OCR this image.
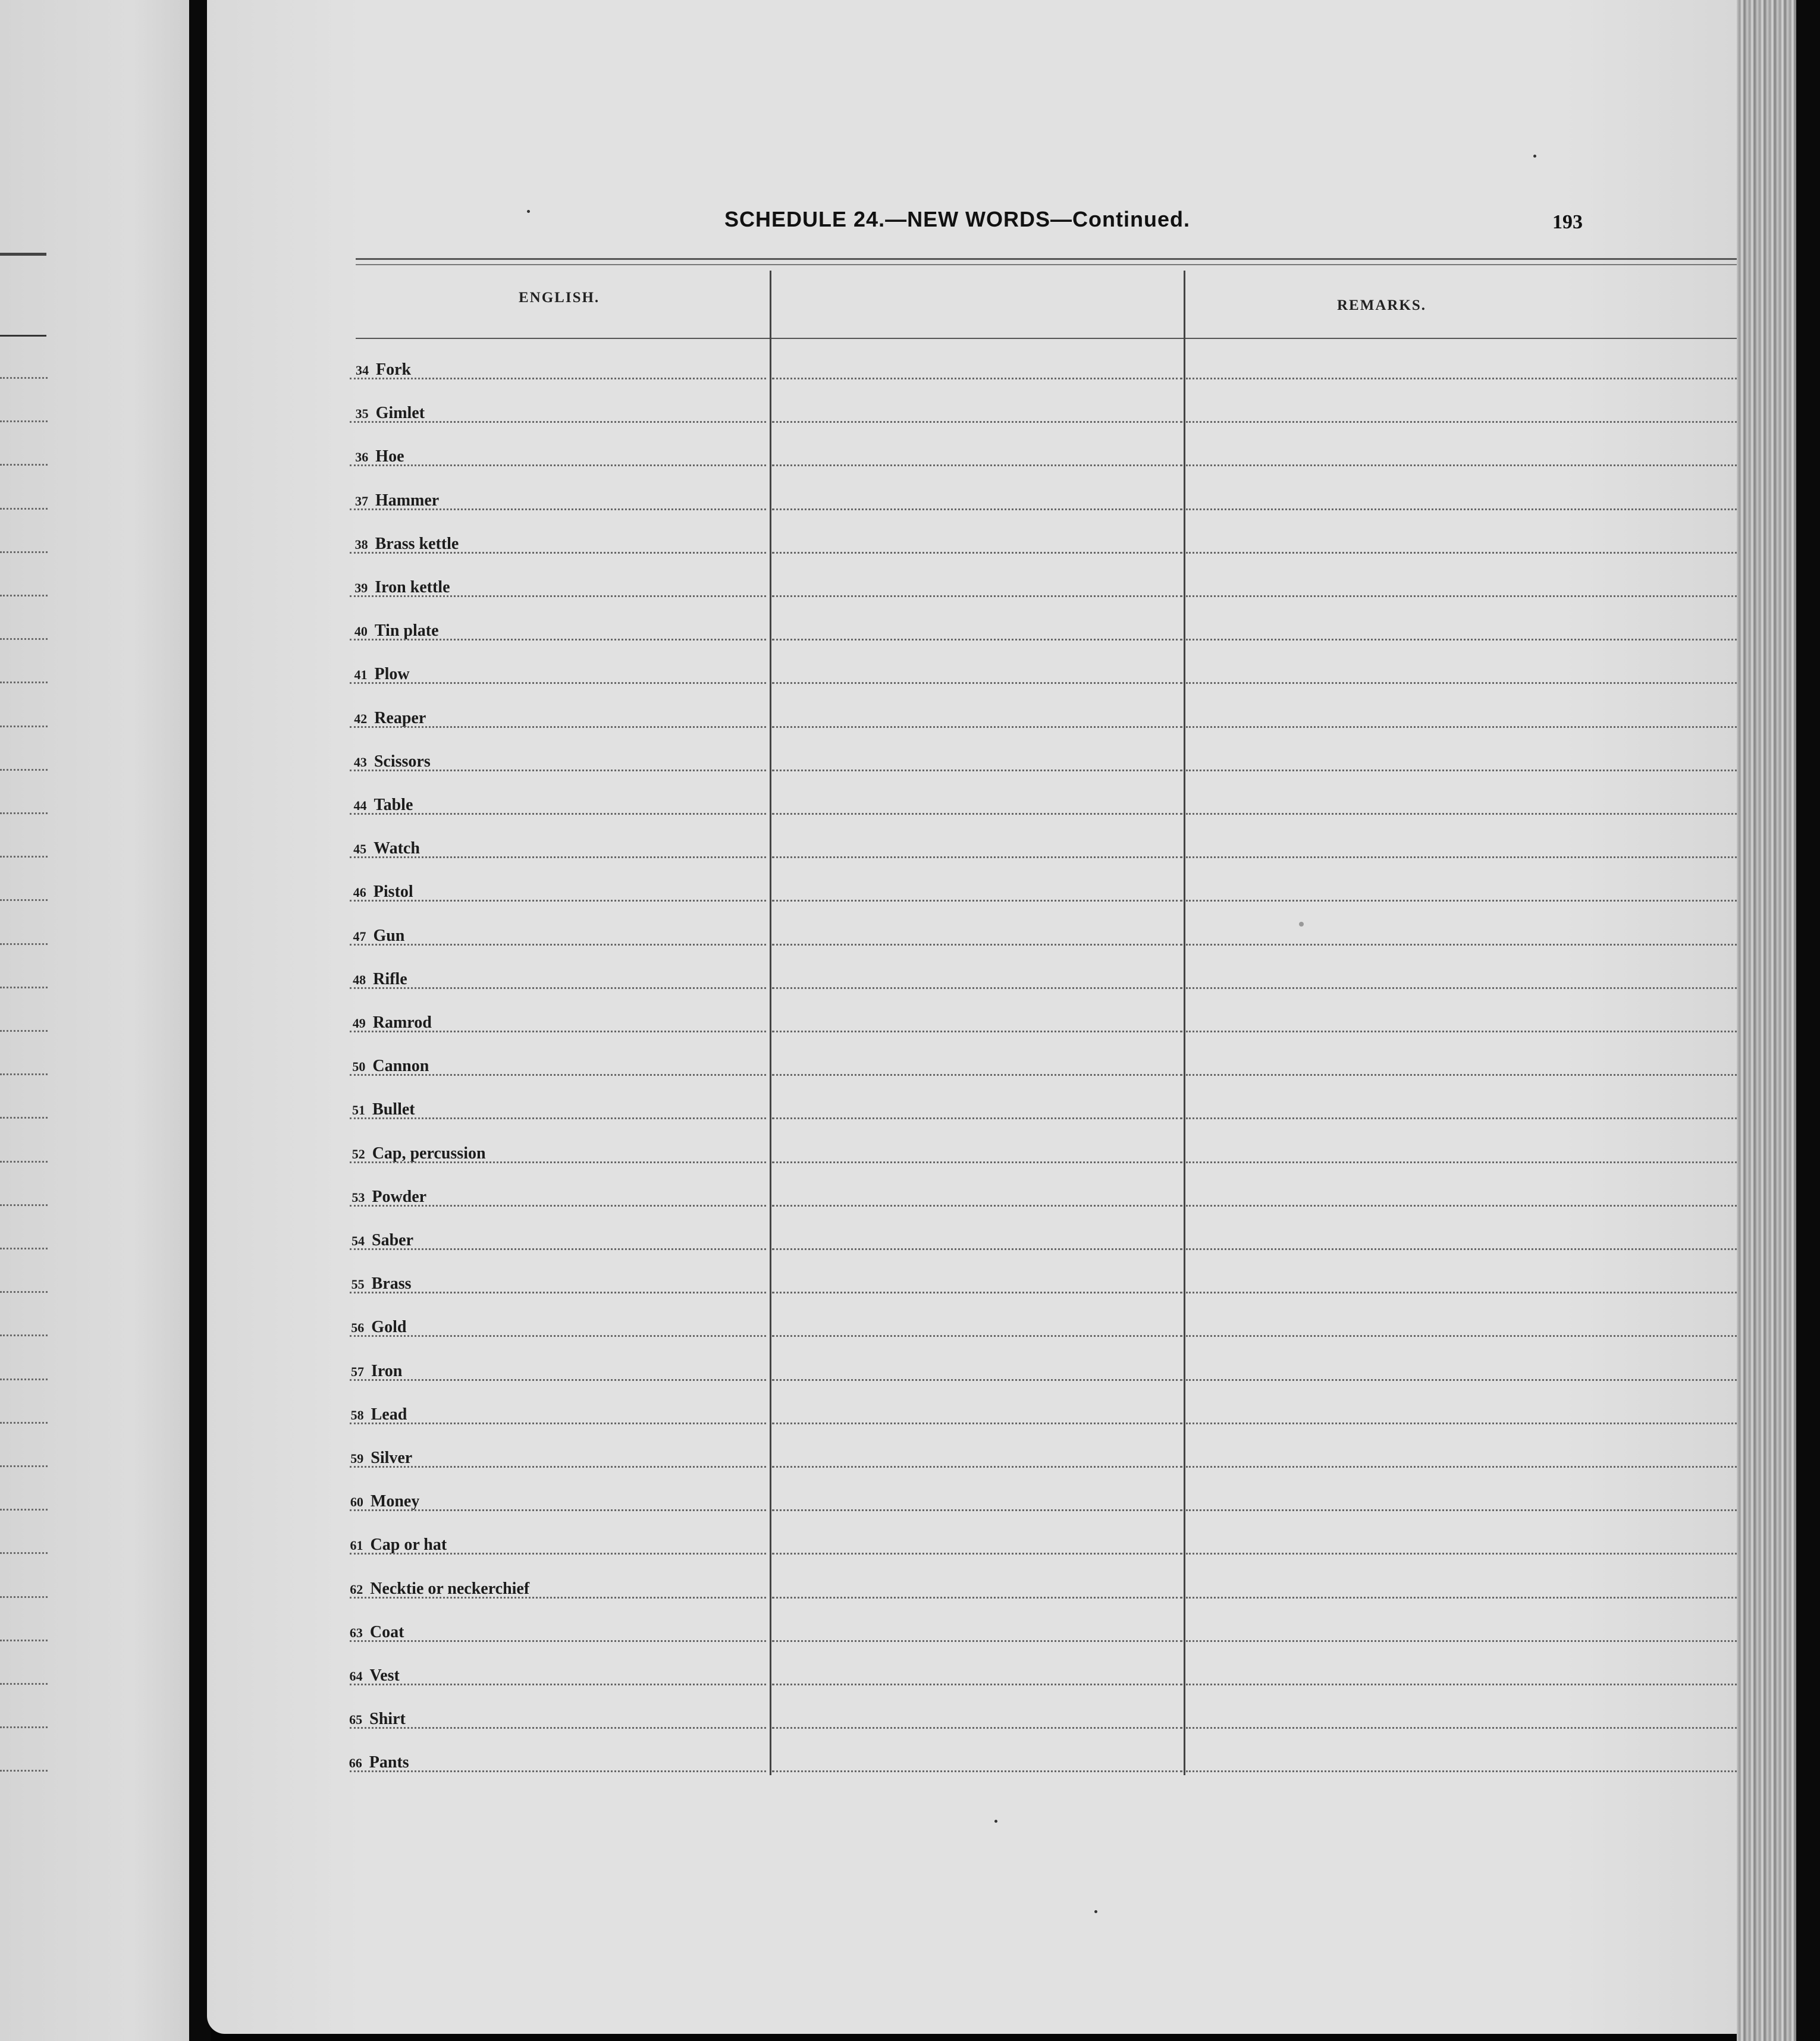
SCHEDULE 24.—NEW WORDS—Continued.	193
ENGLISH.	REMARKS.
34 Fork
35 Gimlet
36 Hoe
37 Hammer
38 Brass kettle
39 Iron kettle
40 Tin plate
41 Plow
42 Reaper
43 Scissors
44 Table
45 Watch
46 Pistol
47 Gun
48 Rifle
49 Ramrod
50 Cannon
51 Bullet
52 Cap, percussion
53 Powder
54 Saber
55 Brass
56 Gold
57 Iron
58 Lead
59 Silver
60 Money
61 Cap or hat
62 Necktie or neckerchief
63 Coat
64 Vest
65 Shirt
66 Pants
